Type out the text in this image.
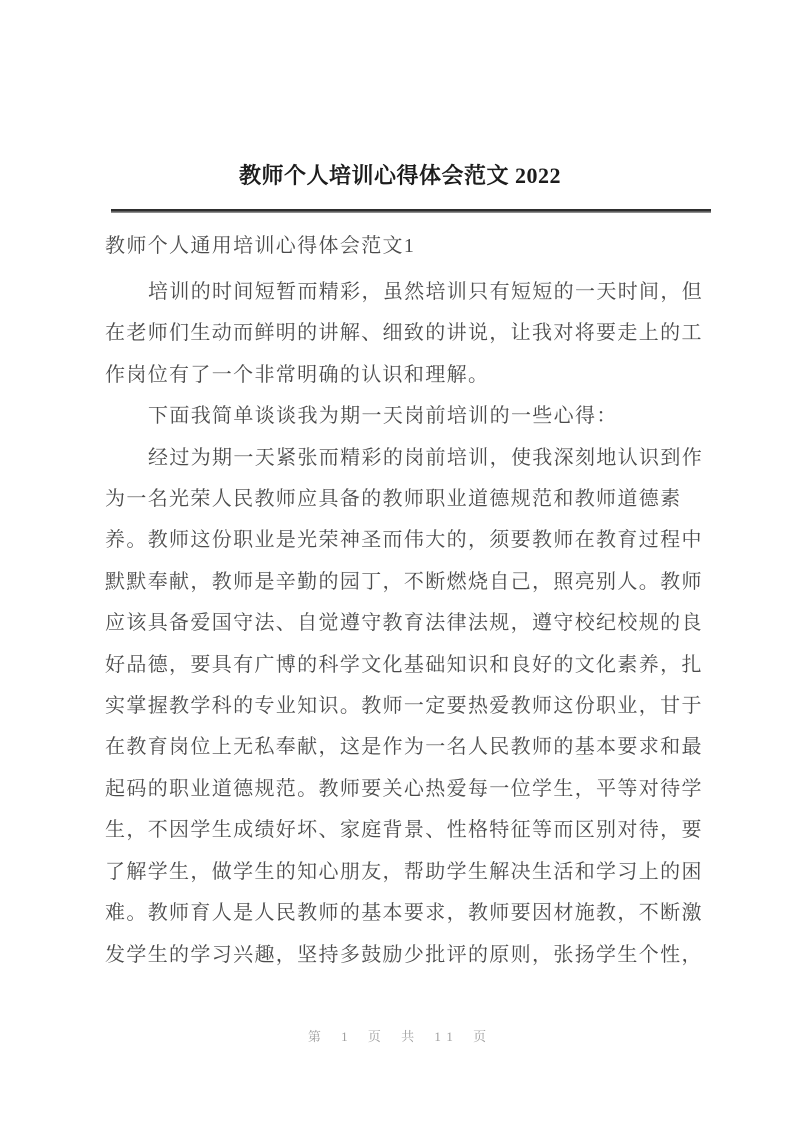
教师个人培训心得体会范文 2022
教师个人通用培训心得体会范文1
培训的时间短暂而精彩，虽然培训只有短短的一天时间，但
在老师们生动而鲜明的讲解、细致的讲说，让我对将要走上的工
作岗位有了一个非常明确的认识和理解。
下面我简单谈谈我为期一天岗前培训的一些心得：
经过为期一天紧张而精彩的岗前培训，使我深刻地认识到作
为一名光荣人民教师应具备的教师职业道德规范和教师道德素
养。教师这份职业是光荣神圣而伟大的，须要教师在教育过程中
默默奉献，教师是辛勤的园丁，不断燃烧自己，照亮别人。教师
应该具备爱国守法、自觉遵守教育法律法规，遵守校纪校规的良
好品德，要具有广博的科学文化基础知识和良好的文化素养，扎
实掌握教学科的专业知识。教师一定要热爱教师这份职业，甘于
在教育岗位上无私奉献，这是作为一名人民教师的基本要求和最
起码的职业道德规范。教师要关心热爱每一位学生，平等对待学
生，不因学生成绩好坏、家庭背景、性格特征等而区别对待，要
了解学生，做学生的知心朋友，帮助学生解决生活和学习上的困
难。教师育人是人民教师的基本要求，教师要因材施教，不断激
发学生的学习兴趣，坚持多鼓励少批评的原则，张扬学生个性，
第 1 页 共 11 页
